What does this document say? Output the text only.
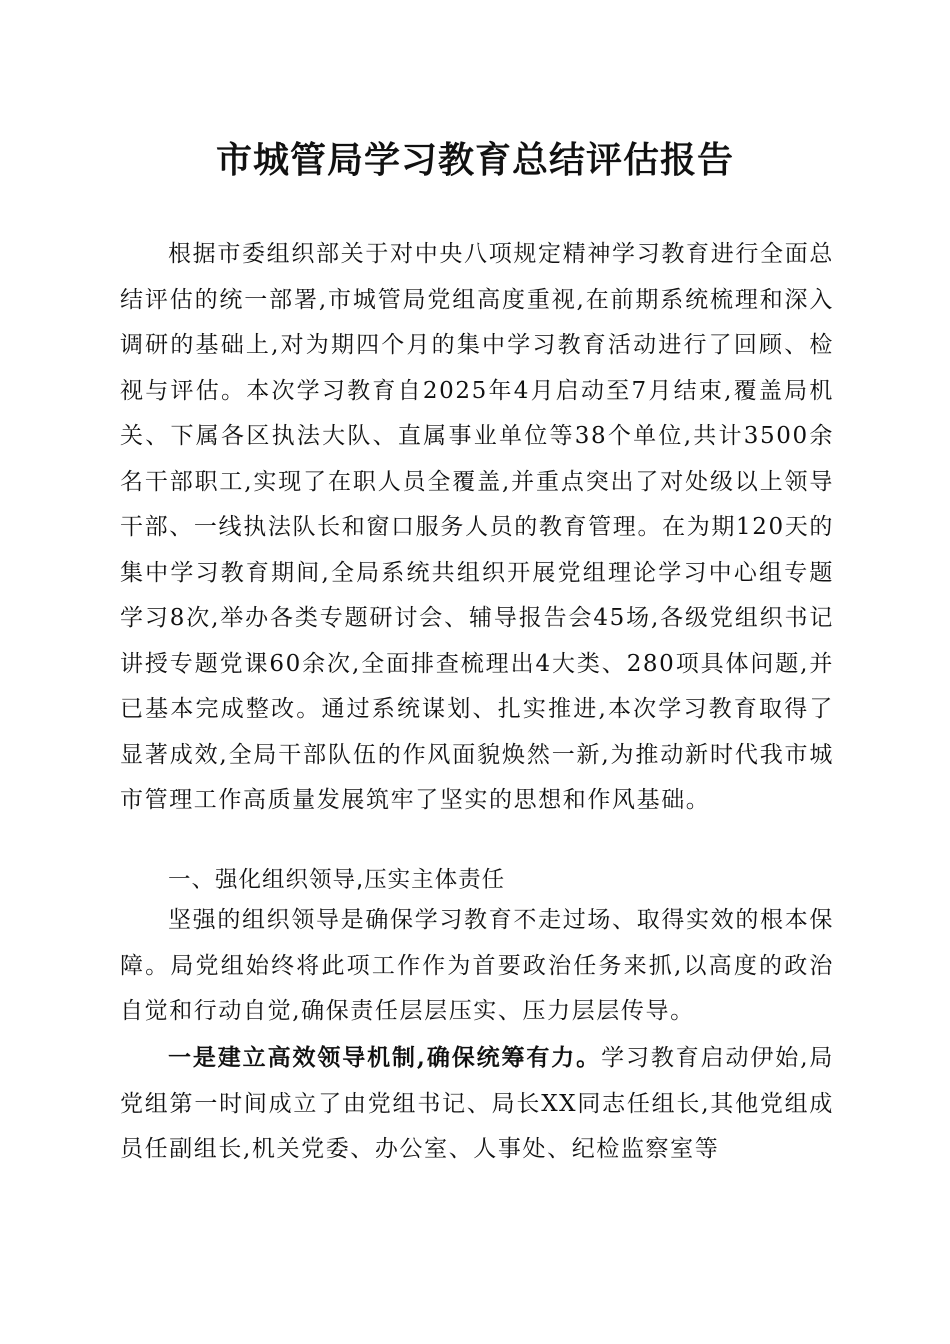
市城管局学习教育总结评估报告

根据市委组织部关于对中央八项规定精神学习教育进行全面总结评估的统一部署,市城管局党组高度重视,在前期系统梳理和深入调研的基础上,对为期四个月的集中学习教育活动进行了回顾、检视与评估。本次学习教育自2025年4月启动至7月结束,覆盖局机关、下属各区执法大队、直属事业单位等38个单位,共计3500余名干部职工,实现了在职人员全覆盖,并重点突出了对处级以上领导干部、一线执法队长和窗口服务人员的教育管理。在为期120天的集中学习教育期间,全局系统共组织开展党组理论学习中心组专题学习8次,举办各类专题研讨会、辅导报告会45场,各级党组织书记讲授专题党课60余次,全面排查梳理出4大类、280项具体问题,并已基本完成整改。通过系统谋划、扎实推进,本次学习教育取得了显著成效,全局干部队伍的作风面貌焕然一新,为推动新时代我市城市管理工作高质量发展筑牢了坚实的思想和作风基础。

一、强化组织领导,压实主体责任

坚强的组织领导是确保学习教育不走过场、取得实效的根本保障。局党组始终将此项工作作为首要政治任务来抓,以高度的政治自觉和行动自觉,确保责任层层压实、压力层层传导。

一是建立高效领导机制,确保统筹有力。学习教育启动伊始,局党组第一时间成立了由党组书记、局长XX同志任组长,其他党组成员任副组长,机关党委、办公室、人事处、纪检监察室等
